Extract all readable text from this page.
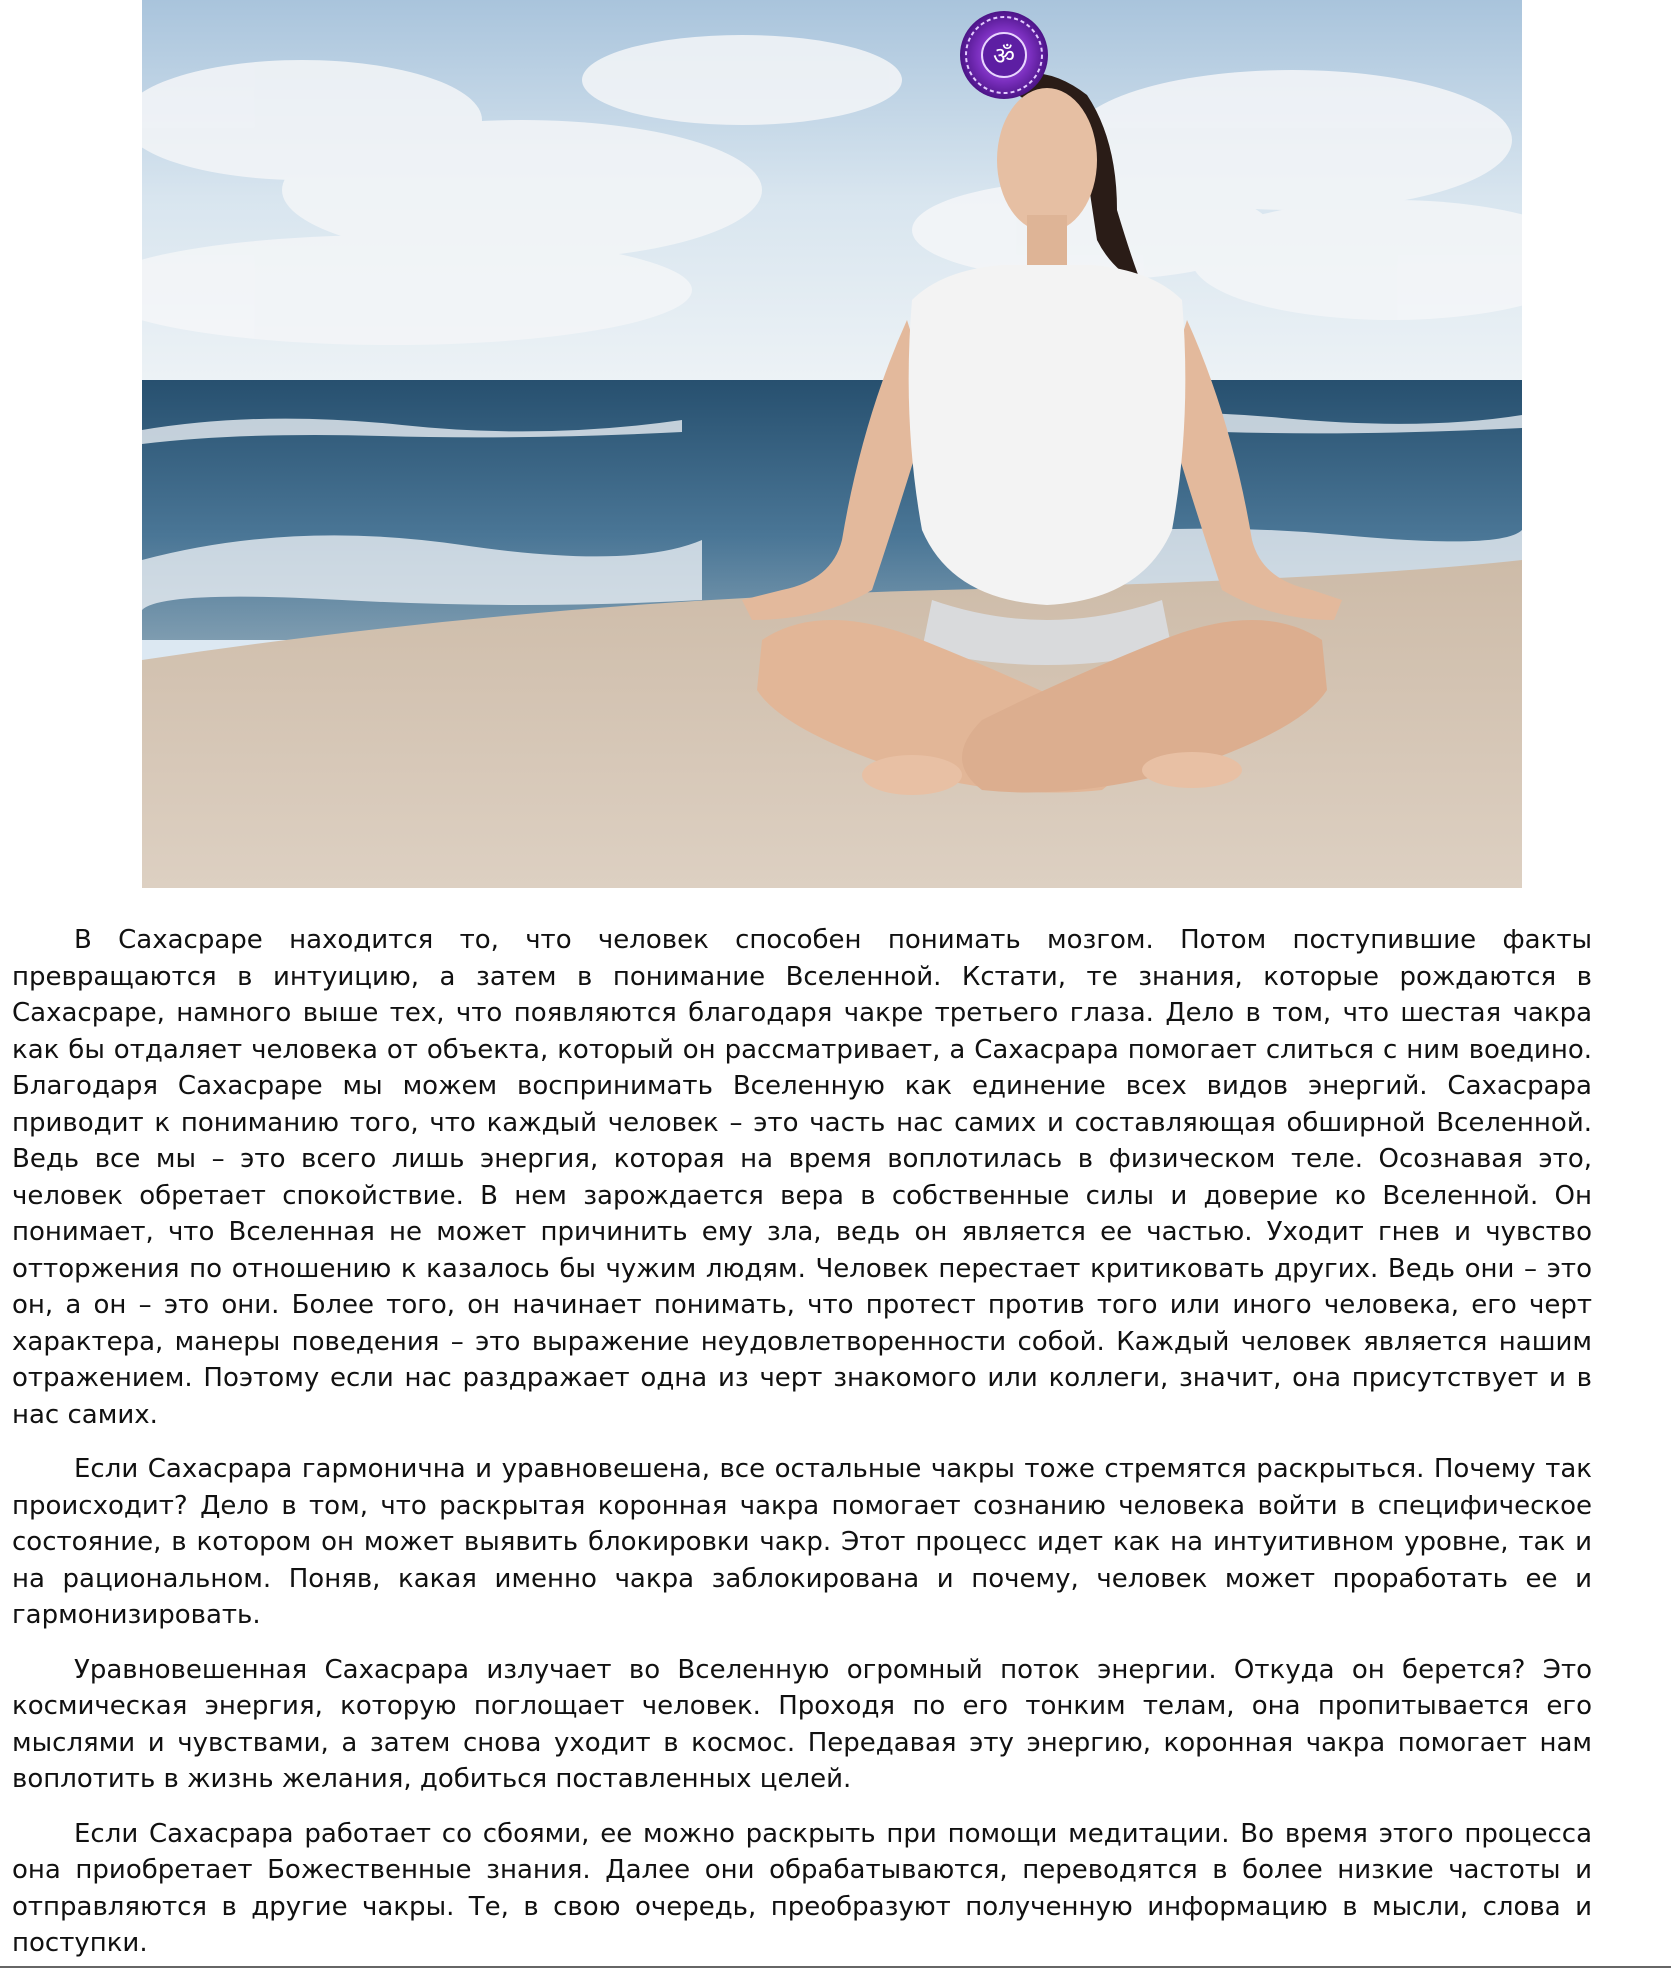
ॐ

В Сахасраре находится то, что человек способен понимать мозгом. Потом поступившие факты превращаются в интуицию, а затем в понимание Вселенной. Кстати, те знания, которые рождаются в Сахасраре, намного выше тех, что появляются благодаря чакре третьего глаза. Дело в том, что шестая чакра как бы отдаляет человека от объекта, который он рассматривает, а Сахасрара помогает слиться с ним воедино. Благодаря Сахасраре мы можем воспринимать Вселенную как единение всех видов энергий. Сахасрара приводит к пониманию того, что каждый человек – это часть нас самих и составляющая обширной Вселенной. Ведь все мы – это всего лишь энергия, которая на время воплотилась в физическом теле. Осознавая это, человек обретает спокойствие. В нем зарождается вера в собственные силы и доверие ко Вселенной. Он понимает, что Вселенная не может причинить ему зла, ведь он является ее частью. Уходит гнев и чувство отторжения по отношению к казалось бы чужим людям. Человек перестает критиковать других. Ведь они – это он, а он – это они. Более того, он начинает понимать, что протест против того или иного человека, его черт характера, манеры поведения – это выражение неудовлетворенности собой. Каждый человек является нашим отражением. Поэтому если нас раздражает одна из черт знакомого или коллеги, значит, она присутствует и в нас самих.

Если Сахасрара гармонична и уравновешена, все остальные чакры тоже стремятся раскрыться. Почему так происходит? Дело в том, что раскрытая коронная чакра помогает сознанию человека войти в специфическое состояние, в котором он может выявить блокировки чакр. Этот процесс идет как на интуитивном уровне, так и на рациональном. Поняв, какая именно чакра заблокирована и почему, человек может проработать ее и гармонизировать.

Уравновешенная Сахасрара излучает во Вселенную огромный поток энергии. Откуда он берется? Это космическая энергия, которую поглощает человек. Проходя по его тонким телам, она пропитывается его мыслями и чувствами, а затем снова уходит в космос. Передавая эту энергию, коронная чакра помогает нам воплотить в жизнь желания, добиться поставленных целей.

Если Сахасрара работает со сбоями, ее можно раскрыть при помощи медитации. Во время этого процесса она приобретает Божественные знания. Далее они обрабатываются, переводятся в более низкие частоты и отправляются в другие чакры. Те, в свою очередь, преобразуют полученную информацию в мысли, слова и поступки.
